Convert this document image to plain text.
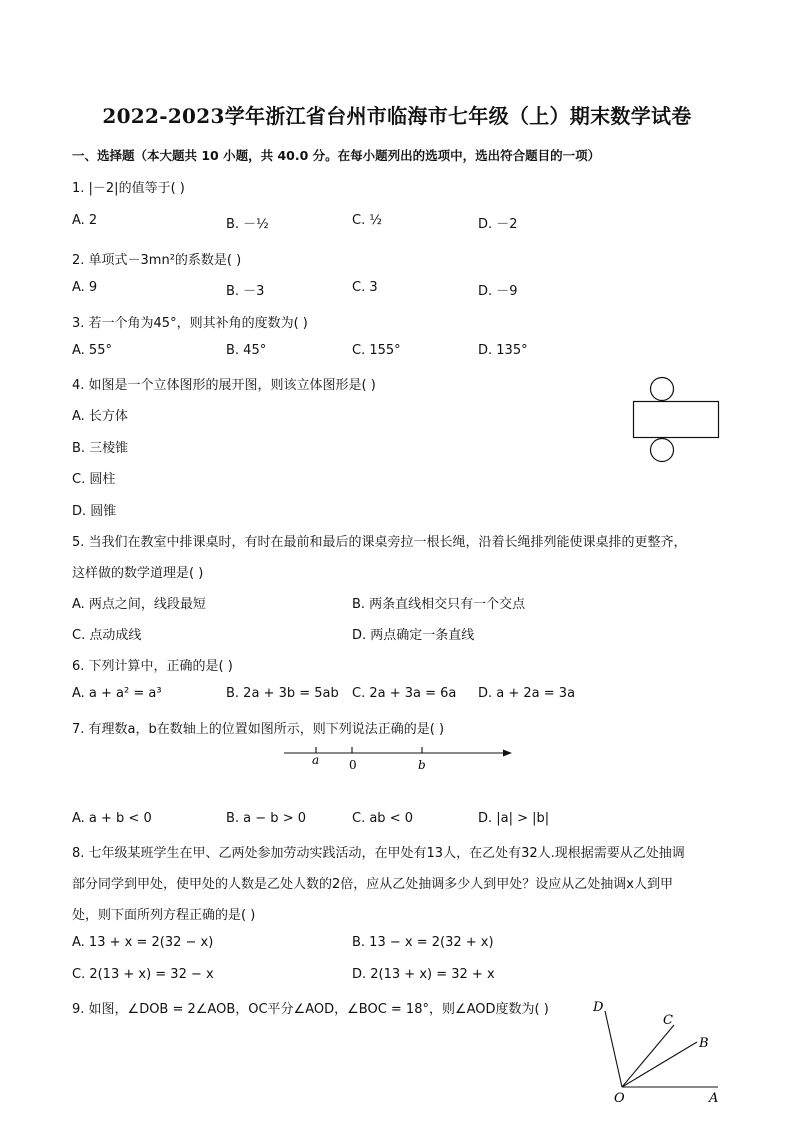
2022-2023学年浙江省台州市临海市七年级（上）期末数学试卷
一、选择题（本大题共 10 小题，共 40.0 分。在每小题列出的选项中，选出符合题目的一项）
1. |－2|的值等于( )
A. 2	B. －½	C. ½	D. －2
2. 单项式－3mn²的系数是( )
A. 9	B. －3	C. 3	D. －9
3. 若一个角为45°，则其补角的度数为( )
A. 55°	B. 45°	C. 155°	D. 135°
4. 如图是一个立体图形的展开图，则该立体图形是( )
A. 长方体
B. 三棱锥
C. 圆柱
D. 圆锥
5. 当我们在教室中排课桌时，有时在最前和最后的课桌旁拉一根长绳，沿着长绳排列能使课桌排的更整齐，
这样做的数学道理是( )
A. 两点之间，线段最短	B. 两条直线相交只有一个交点
C. 点动成线	D. 两点确定一条直线
6. 下列计算中，正确的是( )
A. a + a² = a³	B. 2a + 3b = 5ab C. 2a + 3a = 6a D. a + 2a = 3a
7. 有理数a，b在数轴上的位置如图所示，则下列说法正确的是( )
a 0	b
A. a + b < 0	B. a − b > 0	C. ab < 0	D. |a| > |b|
8. 七年级某班学生在甲、乙两处参加劳动实践活动，在甲处有13人，在乙处有32人.现根据需要从乙处抽调
部分同学到甲处，使甲处的人数是乙处人数的2倍，应从乙处抽调多少人到甲处？设应从乙处抽调x人到甲
处，则下面所列方程正确的是( )
A. 13 + x = 2(32 − x)	B. 13 − x = 2(32 + x)
C. 2(13 + x) = 32 − x	D. 2(13 + x) = 32 + x
9. 如图，∠DOB = 2∠AOB，OC平分∠AOD，∠BOC = 18°，则∠AOD度数为( )	D
C
B
O	A
